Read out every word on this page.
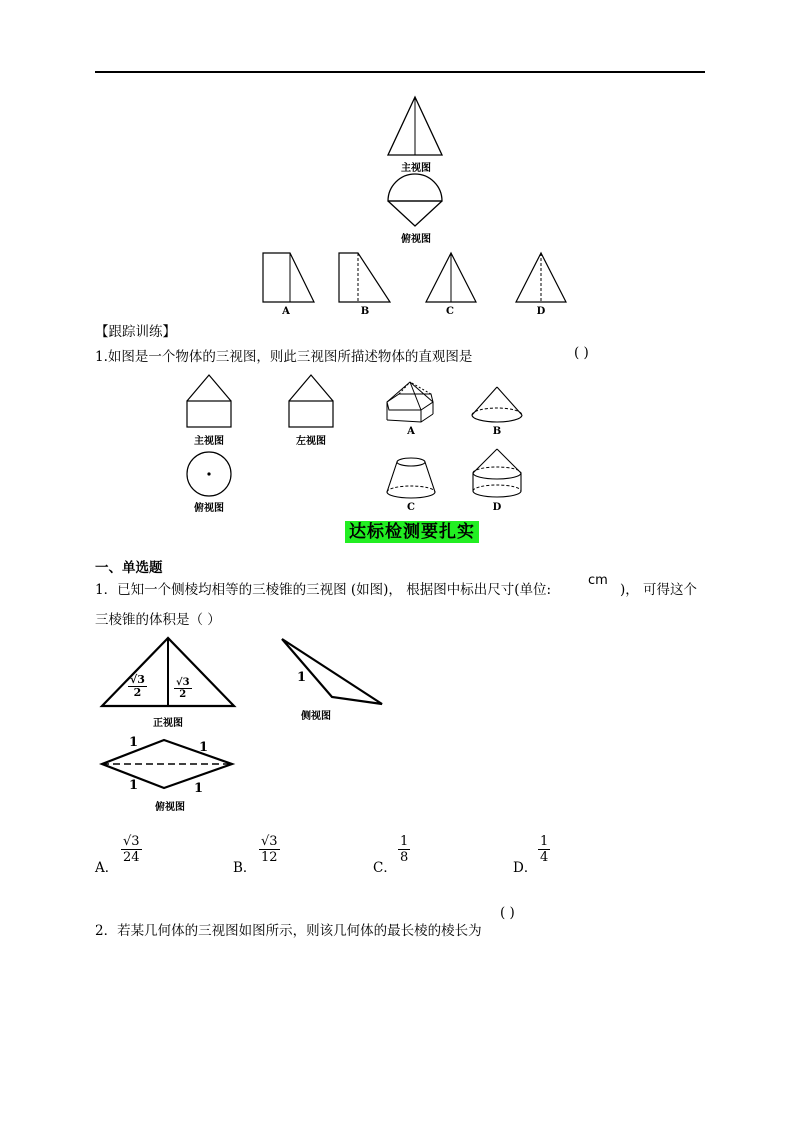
主视图
俯视图
A	B	C	D
【跟踪训练】
1.如图是一个物体的三视图，则此三视图所描述物体的直观图是	( )
主视图	左视图
俯视图
A	B
C	D
达标检测要扎实
一、单选题
1．已知一个侧棱均相等的三棱锥的三视图 (如图)， 根据图中标出尺寸(单位:
cm
)， 可得这个
三棱锥的体积是（ ）
$\frac{√3}{2}$	$\frac{√3}{2}$
正视图
1
侧视图
1	1
1	1
俯视图
A．
$\frac{√3}{24}$
B．
$\frac{√3}{12}$
C．
$\frac{1}{8}$
D．
$\frac{1}{4}$
2．若某几何体的三视图如图所示，则该几何体的最长棱的棱长为
( )
